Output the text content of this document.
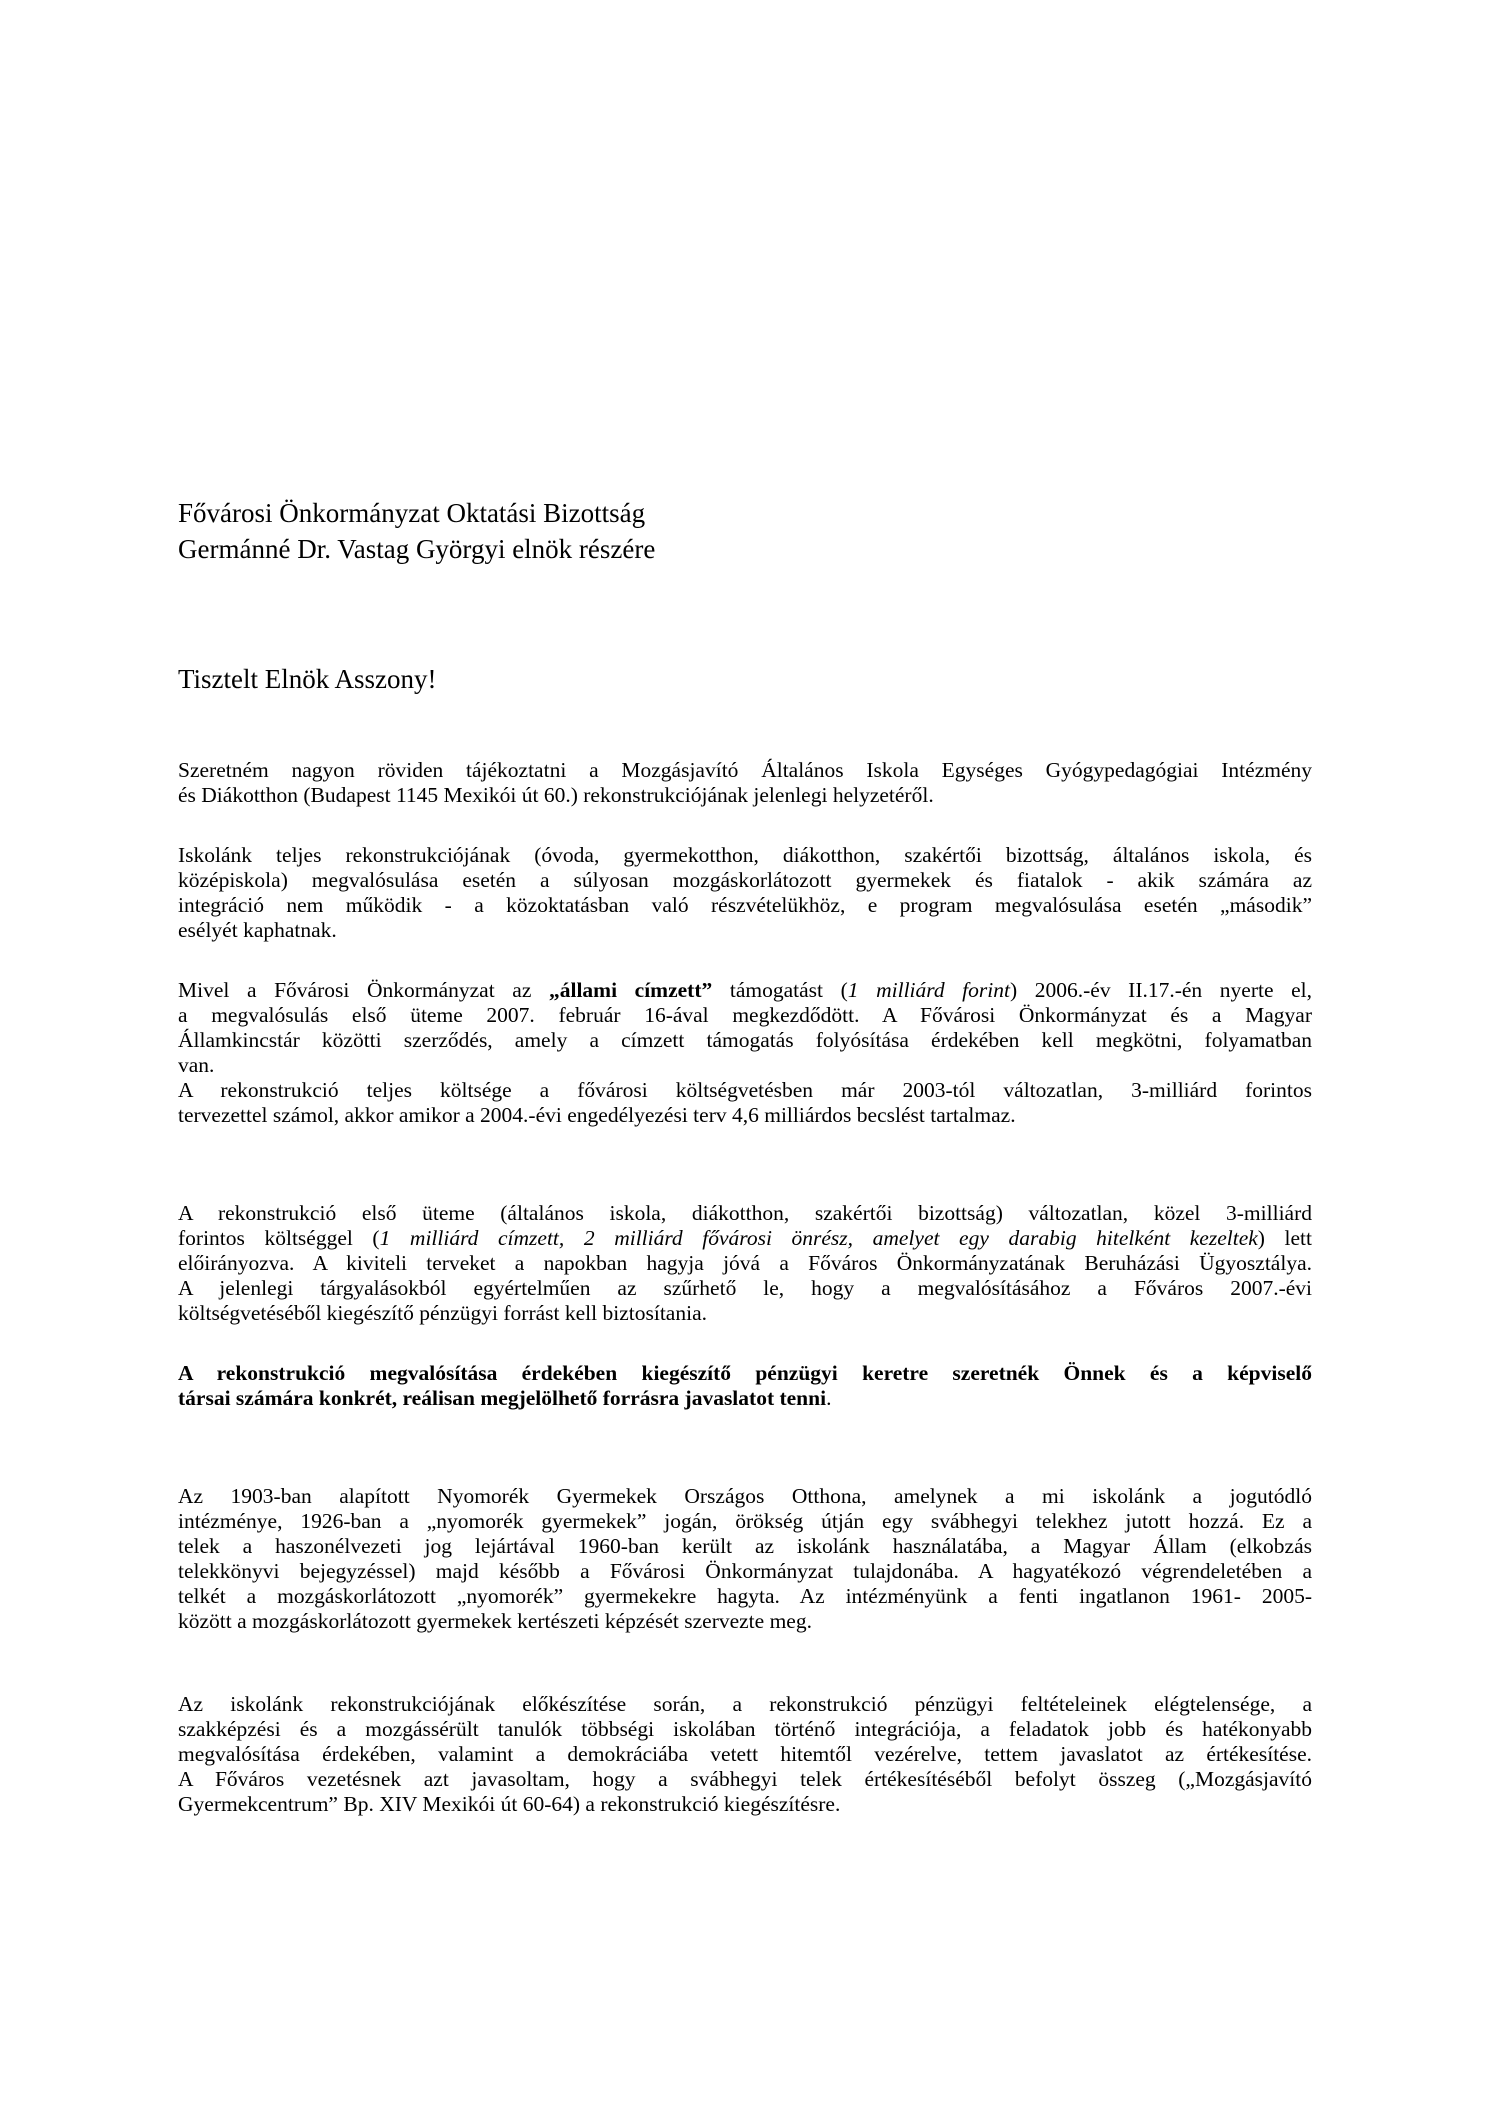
Fővárosi Önkormányzat Oktatási Bizottság

Germánné Dr. Vastag Györgyi elnök részére

Tisztelt Elnök Asszony!

Szeretném nagyon röviden tájékoztatni a Mozgásjavító Általános Iskola Egységes Gyógypedagógiai Intézmény

és Diákotthon (Budapest 1145 Mexikói út 60.) rekonstrukciójának jelenlegi helyzetéről.

Iskolánk teljes rekonstrukciójának (óvoda, gyermekotthon, diákotthon, szakértői bizottság, általános iskola, és

középiskola) megvalósulása esetén a súlyosan mozgáskorlátozott gyermekek és fiatalok - akik számára az

integráció nem működik - a közoktatásban való részvételükhöz, e program megvalósulása esetén „második”

esélyét kaphatnak.

Mivel a Fővárosi Önkormányzat az „állami címzett” támogatást (1 milliárd forint) 2006.-év II.17.-én nyerte el,

a megvalósulás első üteme 2007. február 16-ával megkezdődött. A Fővárosi Önkormányzat és a Magyar

Államkincstár közötti szerződés, amely a címzett támogatás folyósítása érdekében kell megkötni, folyamatban

van.

A rekonstrukció teljes költsége a fővárosi költségvetésben már 2003-tól változatlan, 3-milliárd forintos

tervezettel számol, akkor amikor a 2004.-évi engedélyezési terv 4,6 milliárdos becslést tartalmaz.

A rekonstrukció első üteme (általános iskola, diákotthon, szakértői bizottság) változatlan, közel 3-milliárd

forintos költséggel (1 milliárd címzett, 2 milliárd fővárosi önrész, amelyet egy darabig hitelként kezeltek) lett

előirányozva. A kiviteli terveket a napokban hagyja jóvá a Főváros Önkormányzatának Beruházási Ügyosztálya.

A jelenlegi tárgyalásokból egyértelműen az szűrhető le, hogy a megvalósításához a Főváros 2007.-évi

költségvetéséből kiegészítő pénzügyi forrást kell biztosítania.

A rekonstrukció megvalósítása érdekében kiegészítő pénzügyi keretre szeretnék Önnek és a képviselő

társai számára konkrét, reálisan megjelölhető forrásra javaslatot tenni.

Az 1903-ban alapított Nyomorék Gyermekek Országos Otthona, amelynek a mi iskolánk a jogutódló

intézménye, 1926-ban a „nyomorék gyermekek” jogán, örökség útján egy svábhegyi telekhez jutott hozzá. Ez a

telek a haszonélvezeti jog lejártával 1960-ban került az iskolánk használatába, a Magyar Állam (elkobzás

telekkönyvi bejegyzéssel) majd később a Fővárosi Önkormányzat tulajdonába. A hagyatékozó végrendeletében a

telkét a mozgáskorlátozott „nyomorék” gyermekekre hagyta. Az intézményünk a fenti ingatlanon 1961- 2005-

között a mozgáskorlátozott gyermekek kertészeti képzését szervezte meg.

Az iskolánk rekonstrukciójának előkészítése során, a rekonstrukció pénzügyi feltételeinek elégtelensége, a

szakképzési és a mozgássérült tanulók többségi iskolában történő integrációja, a feladatok jobb és hatékonyabb

megvalósítása érdekében, valamint a demokráciába vetett hitemtől vezérelve, tettem javaslatot az értékesítése.

A Főváros vezetésnek azt javasoltam, hogy a svábhegyi telek értékesítéséből befolyt összeg („Mozgásjavító

Gyermekcentrum” Bp. XIV Mexikói út 60-64) a rekonstrukció kiegészítésre.
